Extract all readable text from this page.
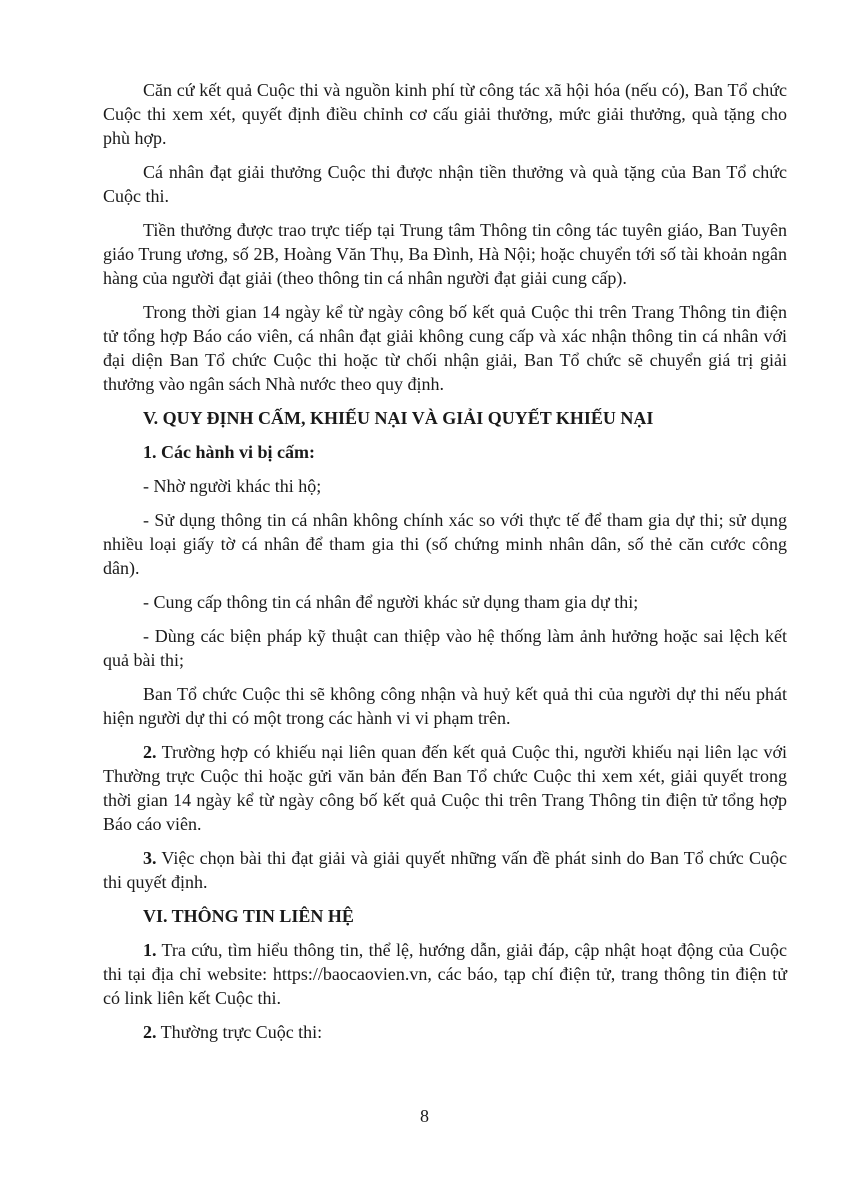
Căn cứ kết quả Cuộc thi và nguồn kinh phí từ công tác xã hội hóa (nếu có), Ban Tổ chức Cuộc thi xem xét, quyết định điều chỉnh cơ cấu giải thưởng, mức giải thưởng, quà tặng cho phù hợp.

Cá nhân đạt giải thưởng Cuộc thi được nhận tiền thưởng và quà tặng của Ban Tổ chức Cuộc thi.

Tiền thưởng được trao trực tiếp tại Trung tâm Thông tin công tác tuyên giáo, Ban Tuyên giáo Trung ương, số 2B, Hoàng Văn Thụ, Ba Đình, Hà Nội; hoặc chuyển tới số tài khoản ngân hàng của người đạt giải (theo thông tin cá nhân người đạt giải cung cấp).

Trong thời gian 14 ngày kể từ ngày công bố kết quả Cuộc thi trên Trang Thông tin điện tử tổng hợp Báo cáo viên, cá nhân đạt giải không cung cấp và xác nhận thông tin cá nhân với đại diện Ban Tổ chức Cuộc thi hoặc từ chối nhận giải, Ban Tổ chức sẽ chuyển giá trị giải thưởng vào ngân sách Nhà nước theo quy định.

V. QUY ĐỊNH CẤM, KHIẾU NẠI VÀ GIẢI QUYẾT KHIẾU NẠI

1. Các hành vi bị cấm:

- Nhờ người khác thi hộ;

- Sử dụng thông tin cá nhân không chính xác so với thực tế để tham gia dự thi; sử dụng nhiều loại giấy tờ cá nhân để tham gia thi (số chứng minh nhân dân, số thẻ căn cước công dân).

- Cung cấp thông tin cá nhân để người khác sử dụng tham gia dự thi;

- Dùng các biện pháp kỹ thuật can thiệp vào hệ thống làm ảnh hưởng hoặc sai lệch kết quả bài thi;

Ban Tổ chức Cuộc thi sẽ không công nhận và huỷ kết quả thi của người dự thi nếu phát hiện người dự thi có một trong các hành vi vi phạm trên.

2. Trường hợp có khiếu nại liên quan đến kết quả Cuộc thi, người khiếu nại liên lạc với Thường trực Cuộc thi hoặc gửi văn bản đến Ban Tổ chức Cuộc thi xem xét, giải quyết trong thời gian 14 ngày kể từ ngày công bố kết quả Cuộc thi trên Trang Thông tin điện tử tổng hợp Báo cáo viên.

3. Việc chọn bài thi đạt giải và giải quyết những vấn đề phát sinh do Ban Tổ chức Cuộc thi quyết định.

VI. THÔNG TIN LIÊN HỆ

1. Tra cứu, tìm hiểu thông tin, thể lệ, hướng dẫn, giải đáp, cập nhật hoạt động của Cuộc thi tại địa chỉ website: https://baocaovien.vn, các báo, tạp chí điện tử, trang thông tin điện tử có link liên kết Cuộc thi.

2. Thường trực Cuộc thi:

8
